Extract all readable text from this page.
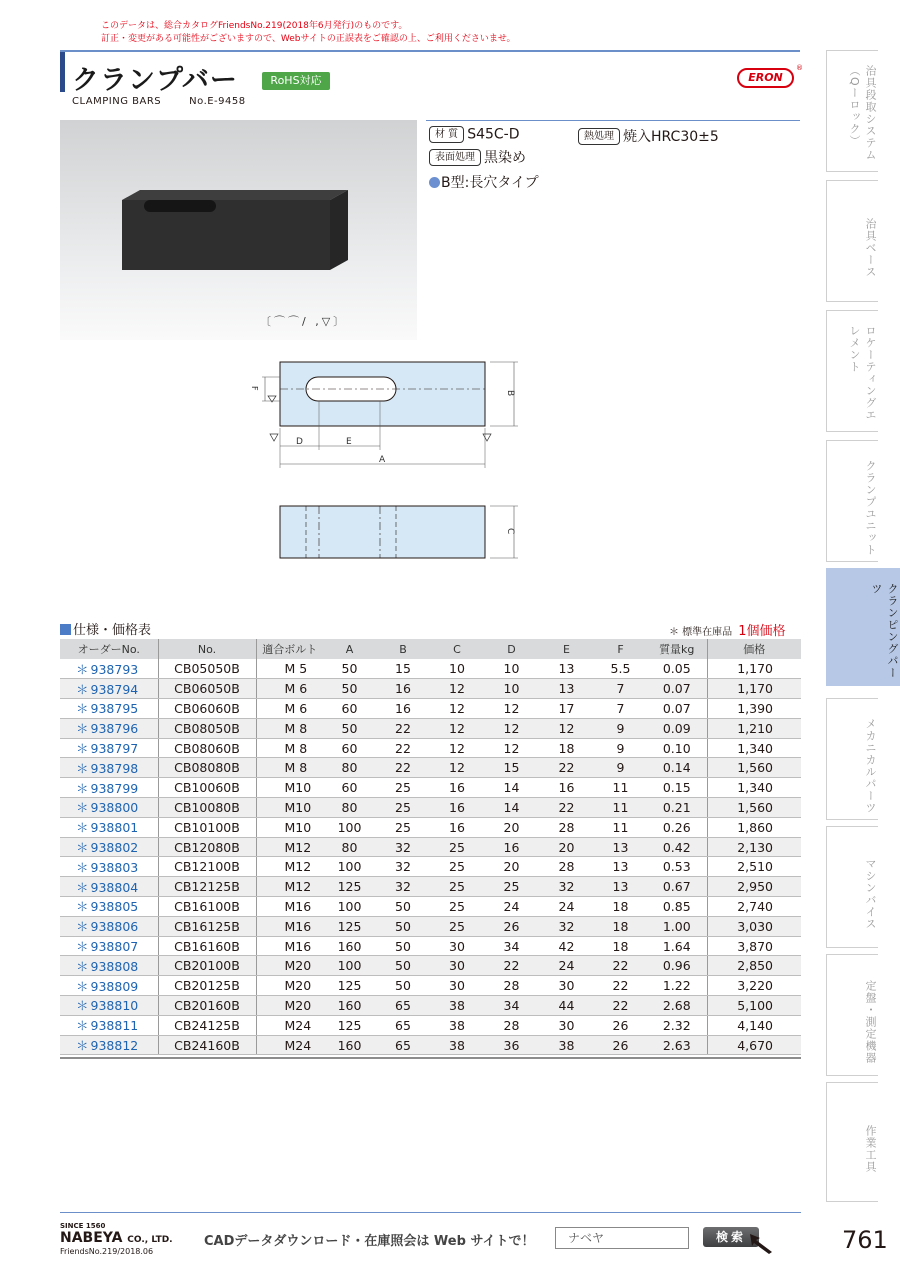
このデータは、総合カタログFriendsNo.219(2018年6月発行)のものです。
訂正・変更がある可能性がございますので、Webサイトの正誤表をご確認の上、ご利用くださいませ。
クランプバー	RoHS対応
CLAMPING BARS	No.E-9458
ERON
®
〔⌒⌒/ ,▽〕
材 質 S45C-D	熱処理 焼入HRC30±5
表面処理 黒染め
B型:長穴タイプ
B
F
D	E
A
C
仕様・価格表	＊ 標準在庫品 1個価格
オーダーNo.	No.	適合ボルト	A	B	C	D	E	F	質量kg	価格
＊ 938793	CB05050B	M 5	50	15	10	10	13	5.5	0.05	1,170
＊ 938794	CB06050B	M 6	50	16	12	10	13	7	0.07	1,170
＊ 938795	CB06060B	M 6	60	16	12	12	17	7	0.07	1,390
＊ 938796	CB08050B	M 8	50	22	12	12	12	9	0.09	1,210
＊ 938797	CB08060B	M 8	60	22	12	12	18	9	0.10	1,340
＊ 938798	CB08080B	M 8	80	22	12	15	22	9	0.14	1,560
＊ 938799	CB10060B	M10	60	25	16	14	16	11	0.15	1,340
＊ 938800	CB10080B	M10	80	25	16	14	22	11	0.21	1,560
＊ 938801	CB10100B	M10	100	25	16	20	28	11	0.26	1,860
＊ 938802	CB12080B	M12	80	32	25	16	20	13	0.42	2,130
＊ 938803	CB12100B	M12	100	32	25	20	28	13	0.53	2,510
＊ 938804	CB12125B	M12	125	32	25	25	32	13	0.67	2,950
＊ 938805	CB16100B	M16	100	50	25	24	24	18	0.85	2,740
＊ 938806	CB16125B	M16	125	50	25	26	32	18	1.00	3,030
＊ 938807	CB16160B	M16	160	50	30	34	42	18	1.64	3,870
＊ 938808	CB20100B	M20	100	50	30	22	24	22	0.96	2,850
＊ 938809	CB20125B	M20	125	50	30	28	30	22	1.22	3,220
＊ 938810	CB20160B	M20	160	65	38	34	44	22	2.68	5,100
＊ 938811	CB24125B	M24	125	65	38	28	30	26	2.32	4,140
＊ 938812	CB24160B	M24	160	65	38	36	38	26	2.63	4,670
治具段取システム（Qーロック）
治具ベース
ロケーティングエレメント
クランプユニット
クランピングパーツ
メカニカルパーツ
マシンバイス
定盤・測定機器
作業工具
SINCE 1560
NABEYA CO., LTD.
FriendsNo.219/2018.06
CADデータダウンロード・在庫照会は Web サイトで！	ナベヤ	検索	761
